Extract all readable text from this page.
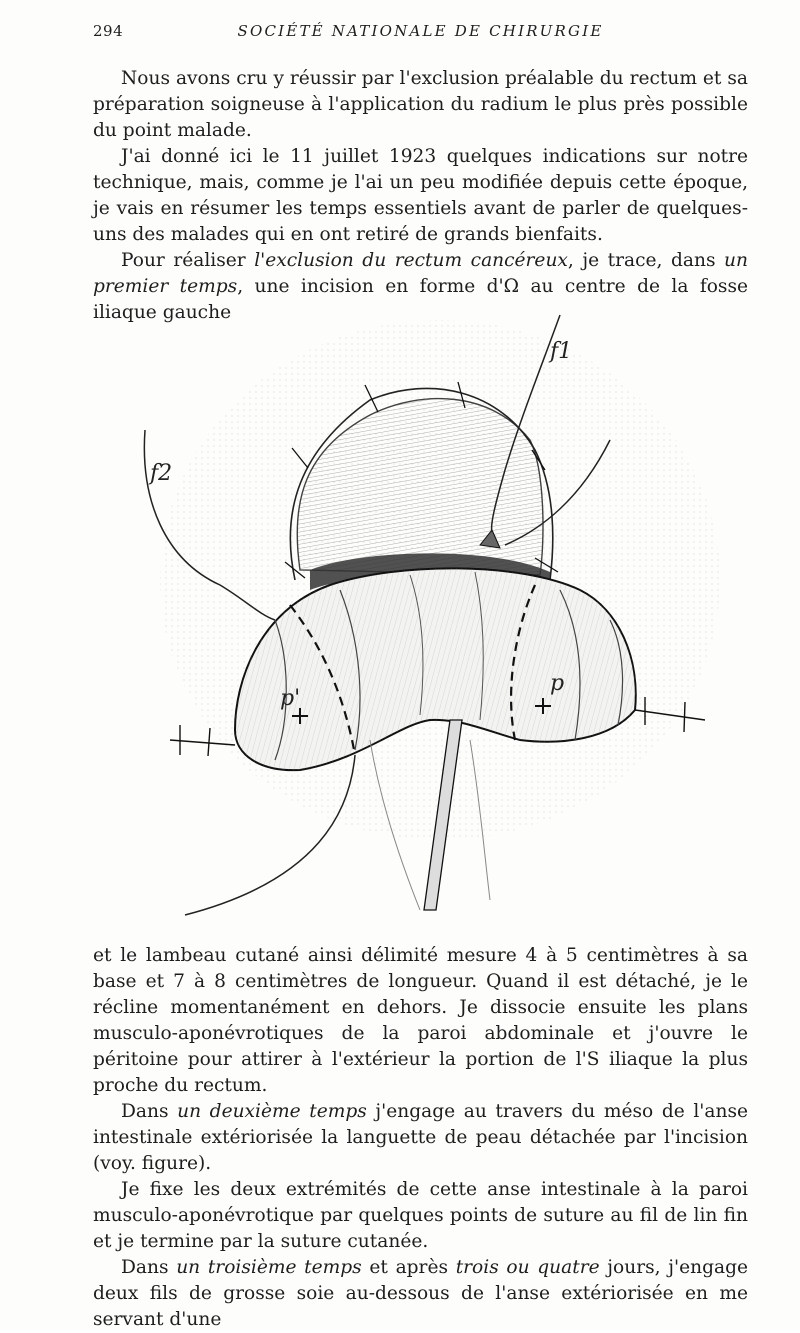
294	SOCIÉTÉ NATIONALE DE CHIRURGIE

Nous avons cru y réussir par l'exclusion préalable du rectum et sa préparation soigneuse à l'application du radium le plus près possible du point malade.

J'ai donné ici le 11 juillet 1923 quelques indications sur notre technique, mais, comme je l'ai un peu modifiée depuis cette époque, je vais en résumer les temps essentiels avant de parler de quelques-uns des malades qui en ont retiré de grands bienfaits.

Pour réaliser l'exclusion du rectum cancéreux, je trace, dans un premier temps, une incision en forme d'Ω au centre de la fosse iliaque gauche

f1
f2
p'
p

et le lambeau cutané ainsi délimité mesure 4 à 5 centimètres à sa base et 7 à 8 centimètres de longueur. Quand il est détaché, je le récline momentanément en dehors. Je dissocie ensuite les plans musculo-aponévrotiques de la paroi abdominale et j'ouvre le péritoine pour attirer à l'extérieur la portion de l'S iliaque la plus proche du rectum.

Dans un deuxième temps j'engage au travers du méso de l'anse intestinale extériorisée la languette de peau détachée par l'incision (voy. figure).

Je fixe les deux extrémités de cette anse intestinale à la paroi musculo-aponévrotique par quelques points de suture au fil de lin fin et je termine par la suture cutanée.

Dans un troisième temps et après trois ou quatre jours, j'engage deux fils de grosse soie au-dessous de l'anse extériorisée en me servant d'une
